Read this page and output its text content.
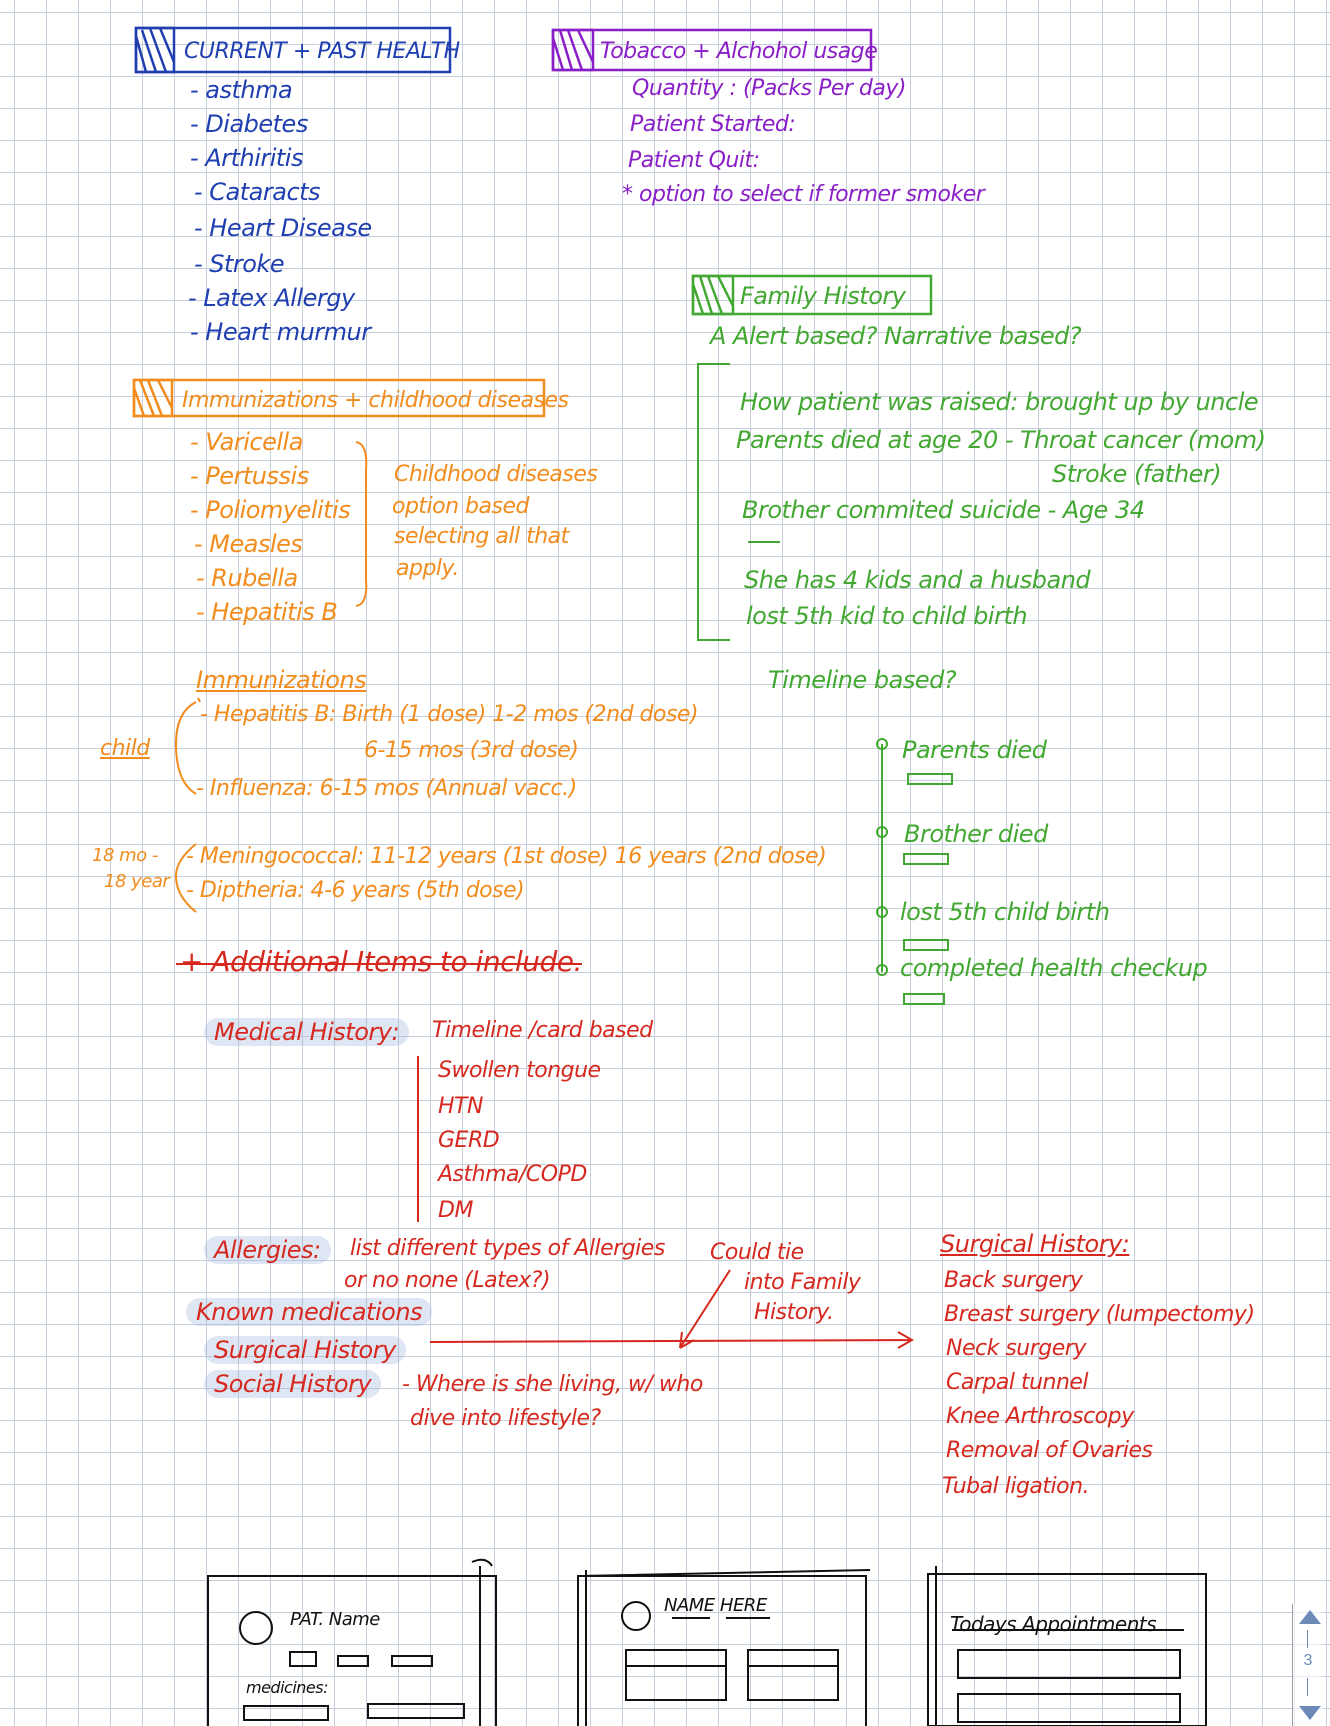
CURRENT + PAST HEALTH
- asthma
- Diabetes
- Arthiritis
- Cataracts
- Heart Disease
- Stroke
- Latex Allergy
- Heart murmur
Tobacco + Alchohol usage
Quantity : (Packs Per day)
Patient Started:
Patient Quit:
* option to select if former smoker
Family History
A Alert based? Narrative based?
How patient was raised: brought up by uncle
Parents died at age 20 - Throat cancer (mom)
Stroke (father)
Brother commited suicide - Age 34
She has 4 kids and a husband
lost 5th kid to child birth
Timeline based?
Parents died
Brother died
lost 5th child birth
completed health checkup
Immunizations + childhood diseases
- Varicella
- Pertussis
- Poliomyelitis
- Measles
- Rubella
- Hepatitis B
Childhood diseases
option based
selecting all that
apply.
Immunizations
child
- Hepatitis B: Birth (1 dose) 1-2 mos (2nd dose)
6-15 mos (3rd dose)
- Influenza: 6-15 mos (Annual vacc.)
18 mo -
18 year
- Meningococcal: 11-12 years (1st dose) 16 years (2nd dose)
- Diptheria: 4-6 years (5th dose)
+ Additional Items to include.
Medical History:	Timeline /card based
Swollen tongue
HTN
GERD
Asthma/COPD
DM
Allergies:	list different types of Allergies
or no none (Latex?)
Known medications
Surgical History
Social History	- Where is she living, w/ who
dive into lifestyle?
Could tie
into Family
History.
Surgical History:
Back surgery
Breast surgery (lumpectomy)
Neck surgery
Carpal tunnel
Knee Arthroscopy
Removal of Ovaries
Tubal ligation.
PAT. Name
medicines:
NAME HERE
Todays Appointments
3
